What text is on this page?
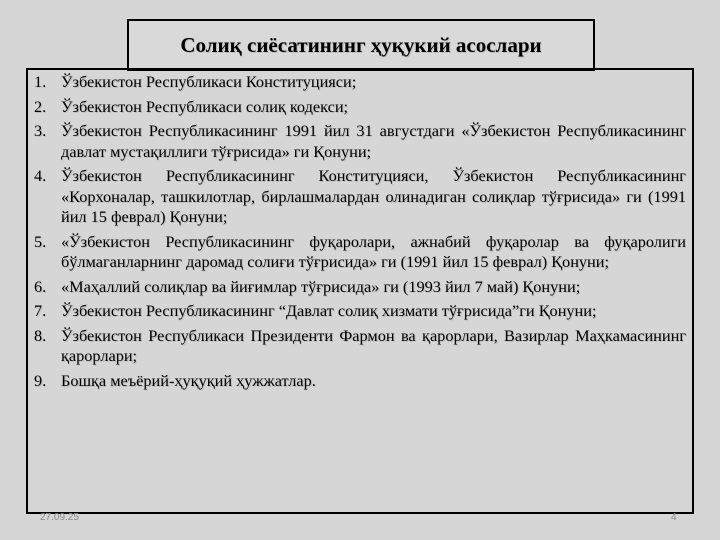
Солиқ сиёсатининг ҳуқукий асослари
1. Ўзбекистон Республикаси Конституцияси;
2. Ўзбекистон Республикаси солиқ кодекси;
3. Ўзбекистон Республикасининг 1991 йил 31 августдаги «Ўзбекистон Республикасининг давлат мустақиллиги тўғрисида» ги Қонуни;
4. Ўзбекистон Республикасининг Конституцияси, Ўзбекистон Республикасининг «Корхоналар, ташкилотлар, бирлашмалардан олинадиган солиқлар тўғрисида» ги (1991 йил 15 феврал) Қонуни;
5. «Ўзбекистон Республикасининг фуқаролари, ажнабий фуқаролар ва фуқаролиги бўлмаганларнинг даромад солиғи тўғрисида» ги (1991 йил 15 феврал) Қонуни;
6. «Маҳаллий солиқлар ва йиғимлар тўғрисида» ги (1993 йил 7 май) Қонуни;
7. Ўзбекистон Республикасининг “Давлат солиқ хизмати тўғрисида”ги Қонуни;
8. Ўзбекистон Республикаси Президенти Фармон ва қарорлари, Вазирлар Маҳкамасининг қарорлари;
9. Бошқа меъёрий-ҳуқуқий ҳужжатлар.
27.09.25	4
